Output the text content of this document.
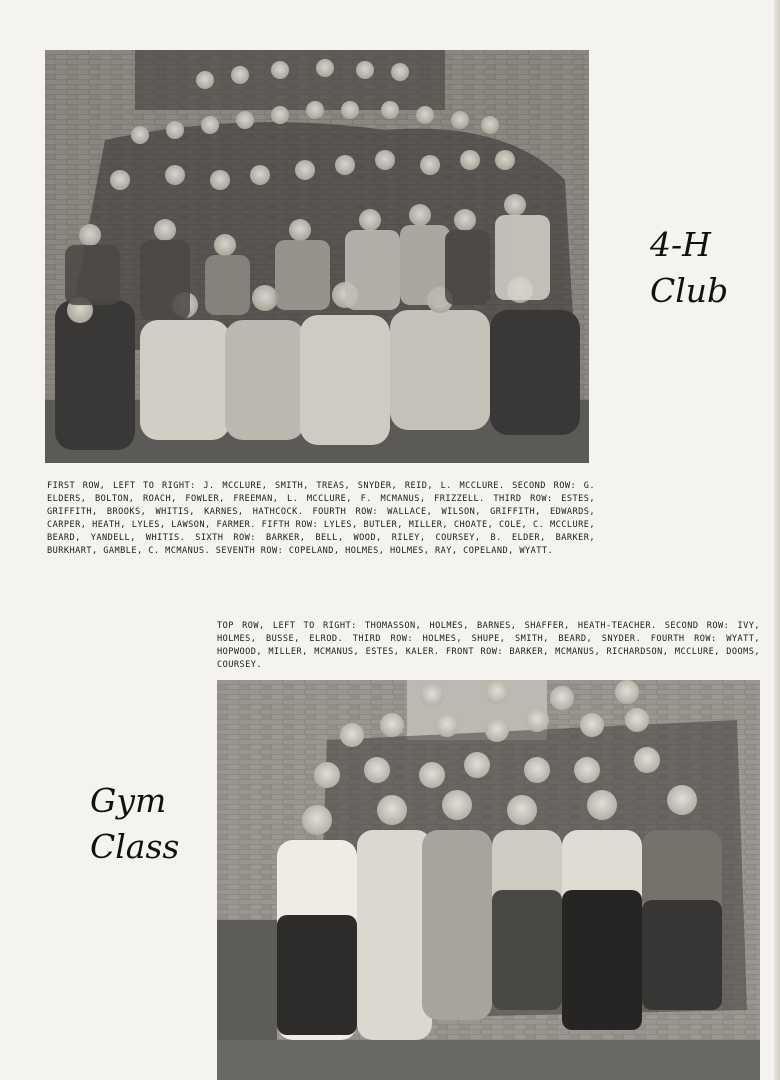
FIRST ROW, LEFT TO RIGHT: J. MCCLURE, SMITH, TREAS, SNYDER, REID, L. MCCLURE. SECOND ROW: G. ELDERS, BOLTON, ROACH, FOWLER, FREEMAN, L. MCCLURE, F. MCMANUS, FRIZZELL. THIRD ROW: ESTES, GRIFFITH, BROOKS, WHITIS, KARNES, HATHCOCK. FOURTH ROW: WALLACE, WILSON, GRIFFITH, EDWARDS, CARPER, HEATH, LYLES, LAWSON, FARMER. FIFTH ROW: LYLES, BUTLER, MILLER, CHOATE, COLE, C. MCCLURE, BEARD, YANDELL, WHITIS. SIXTH ROW: BARKER, BELL, WOOD, RILEY, COURSEY, B. ELDER, BARKER, BURKHART, GAMBLE, C. MCMANUS. SEVENTH ROW: COPELAND, HOLMES, HOLMES, RAY, COPELAND, WYATT.

4-H
Club

TOP ROW, LEFT TO RIGHT: THOMASSON, HOLMES, BARNES, SHAFFER, HEATH-TEACHER. SECOND ROW: IVY, HOLMES, BUSSE, ELROD. THIRD ROW: HOLMES, SHUPE, SMITH, BEARD, SNYDER. FOURTH ROW: WYATT, HOPWOOD, MILLER, MCMANUS, ESTES, KALER. FRONT ROW: BARKER, MCMANUS, RICHARDSON, MCCLURE, DOOMS, COURSEY.

Gym
Class
